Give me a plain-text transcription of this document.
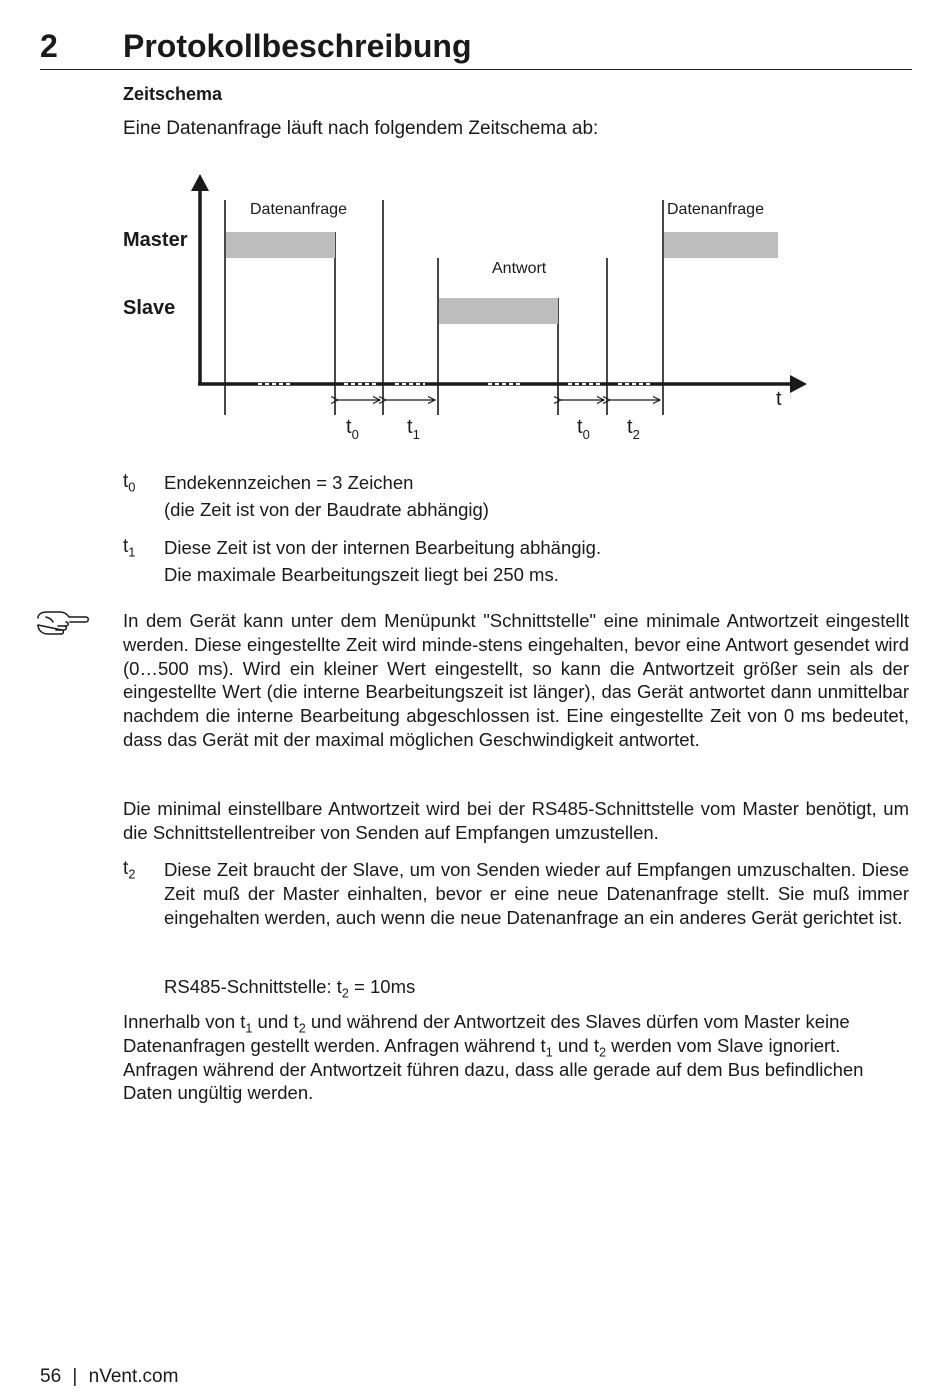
2 Protokollbeschreibung
Zeitschema
Eine Datenanfrage läuft nach folgendem Zeitschema ab:
Master
Slave
Datenanfrage	Datenanfrage
Antwort
t
$t_0$ $t_1$	$t_0$ $t_2$
$t_0$ Endekennzeichen = 3 Zeichen
(die Zeit ist von der Baudrate abhängig)
$t_1$ Diese Zeit ist von der internen Bearbeitung abhängig.
Die maximale Bearbeitungszeit liegt bei 250 ms.
In dem Gerät kann unter dem Menüpunkt "Schnittstelle" eine minimale Antwortzeit eingestellt werden. Diese eingestellte Zeit wird minde-stens eingehalten, bevor eine Antwort gesendet wird (0…500 ms). Wird ein kleiner Wert eingestellt, so kann die Antwortzeit größer sein als der eingestellte Wert (die interne Bearbeitungszeit ist länger), das Gerät antwortet dann unmittelbar nachdem die interne Bearbeitung abgeschlossen ist. Eine eingestellte Zeit von 0 ms bedeutet, dass das Gerät mit der maximal möglichen Geschwindigkeit antwortet.
Die minimal einstellbare Antwortzeit wird bei der RS485-Schnittstelle vom Master benötigt, um die Schnittstellentreiber von Senden auf Empfangen umzustellen.
$t_2$ Diese Zeit braucht der Slave, um von Senden wieder auf Empfangen umzuschalten. Diese Zeit muß der Master einhalten, bevor er eine neue Datenanfrage stellt. Sie muß immer eingehalten werden, auch wenn die neue Datenanfrage an ein anderes Gerät gerichtet ist.
RS485-Schnittstelle: $t_2 = 10ms$
Innerhalb von $t_1$ und $t_2$ und während der Antwortzeit des Slaves dürfen vom Master keine Datenanfragen gestellt werden. Anfragen während $t_1$ und $t_2$ werden vom Slave ignoriert. Anfragen während der Antwortzeit führen dazu, dass alle gerade auf dem Bus befindlichen Daten ungültig werden.
56 | nVent.com
